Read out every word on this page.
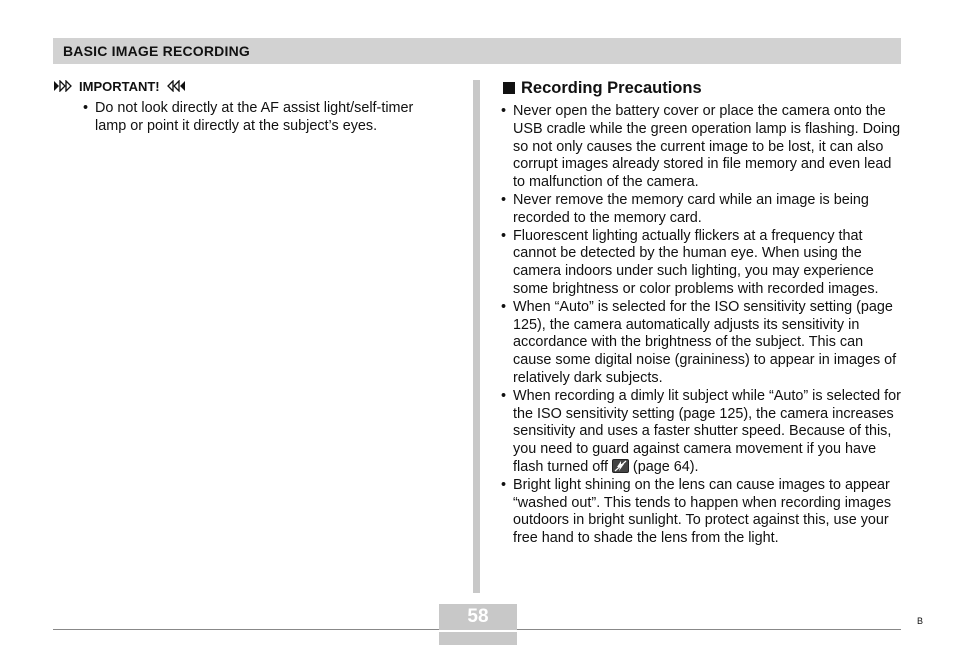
BASIC IMAGE RECORDING
IMPORTANT!
• Do not look directly at the AF assist light/self-timer lamp or point it directly at the subject’s eyes.
Recording Precautions
• Never open the battery cover or place the camera onto the USB cradle while the green operation lamp is flashing. Doing so not only causes the current image to be lost, it can also corrupt images already stored in file memory and even lead to malfunction of the camera.
• Never remove the memory card while an image is being recorded to the memory card.
• Fluorescent lighting actually flickers at a frequency that cannot be detected by the human eye. When using the camera indoors under such lighting, you may experience some brightness or color problems with recorded images.
• When “Auto” is selected for the ISO sensitivity setting (page 125), the camera automatically adjusts its sensitivity in accordance with the brightness of the subject. This can cause some digital noise (graininess) to appear in images of relatively dark subjects.
• When recording a dimly lit subject while “Auto” is selected for the ISO sensitivity setting (page 125), the camera increases sensitivity and uses a faster shutter speed. Because of this, you need to guard against camera movement if you have flash turned off
(page 64).
• Bright light shining on the lens can cause images to appear “washed out”. This tends to happen when recording images outdoors in bright sunlight. To protect against this, use your free hand to shade the lens from the light.
58	B
